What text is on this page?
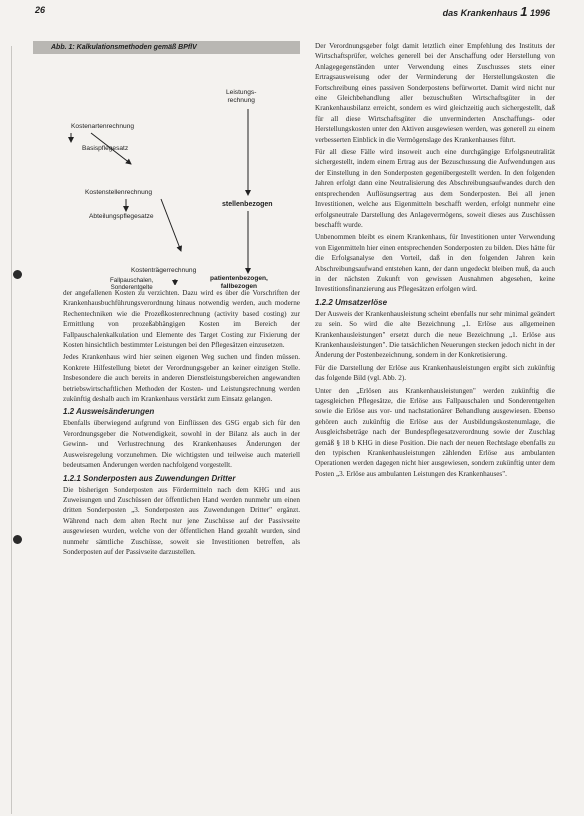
26	das Krankenhaus 1 1996
Abb. 1: Kalkulationsmethoden gemäß BPflV
Leistungs-
rechnung
Kostenartenrechnung
Basispflegesatz
Kostenstellenrechnung
Abteilungspflegesatze
stellenbezogen
Kostenträgerrechnung
Fallpauschalen,
Sonderentgelte
patientenbezogen,
fallbezogen

der angefallenen Kosten zu verzichten. Dazu wird es über die Vorschriften der Krankenhausbuchführungsverordnung hinaus notwendig werden, auch moderne Rechentechniken wie die Prozeßkostenrechnung (activity based costing) zur Ermittlung von prozeßabhängigen Kosten im Bereich der Fallpauschalenkalkulation und Elemente des Target Costing zur Fixierung der Kosten hinsichtlich bestimmter Leistungen bei den Pflegesätzen einzusetzen.

Jedes Krankenhaus wird hier seinen eigenen Weg suchen und finden müssen. Konkrete Hilfestellung bietet der Verordnungsgeber an keiner einzigen Stelle. Insbesondere die auch bereits in anderen Dienstleistungsbereichen angewandten betriebswirtschaftlichen Methoden der Kosten- und Leistungsrechnung werden zukünftig deshalb auch im Krankenhaus verstärkt zum Einsatz gelangen.

1.2 Ausweisänderungen

Ebenfalls überwiegend aufgrund von Einflüssen des GSG ergab sich für den Verordnungsgeber die Notwendigkeit, sowohl in der Bilanz als auch in der Gewinn- und Verlustrechnung des Krankenhauses Änderungen der Ausweisregelung vorzunehmen. Die wichtigsten und teilweise auch materiell bedeutsamen Änderungen werden nachfolgend vorgestellt.

1.2.1 Sonderposten aus Zuwendungen Dritter

Die bisherigen Sonderposten aus Fördermitteln nach dem KHG und aus Zuweisungen und Zuschüssen der öffentlichen Hand werden nunmehr um einen dritten Sonderposten „3. Sonderposten aus Zuwendungen Dritter" ergänzt. Während nach dem alten Recht nur jene Zuschüsse auf der Passivseite ausgewiesen wurden, welche von der öffentlichen Hand gezahlt wurden, sind nunmehr sämtliche Zuschüsse, soweit sie Investitionen betreffen, als Sonderposten auf der Passivseite darzustellen.

Der Verordnungsgeber folgt damit letztlich einer Empfehlung des Instituts der Wirtschaftsprüfer, welches generell bei der Anschaffung oder Herstellung von Anlagegegenständen unter Verwendung eines Zuschusses stets einer Ertragsausweisung oder der Verminderung der Herstellungskosten die Fortschreibung eines passiven Sonderpostens befürwortet. Damit wird nicht nur eine Gleichbehandlung aller bezuschußten Wirtschaftsgüter in der Krankenhausbilanz erreicht, sondern es wird gleichzeitig auch sichergestellt, daß für all diese Wirtschaftsgüter die unverminderten Anschaffungs- oder Herstellungskosten unter den Aktiven ausgewiesen werden, was generell zu einem verbesserten Einblick in die Vermögenslage des Krankenhauses führt.

Für all diese Fälle wird insoweit auch eine durchgängige Erfolgsneutralität sichergestellt, indem einem Ertrag aus der Bezuschussung die Aufwendungen aus der Einstellung in den Sonderposten gegenübergestellt werden. In den folgenden Jahren erfolgt dann eine Neutralisierung des Abschreibungsaufwandes durch den entsprechenden Auflösungsertrag aus dem Sonderposten. Bei all jenen Investitionen, welche aus Eigenmitteln beschafft werden, erfolgt nunmehr eine erfolgsneutrale Darstellung des Anlagevermögens, soweit dieses aus Zuschüssen beschafft wurde.

Unbenommen bleibt es einem Krankenhaus, für Investitionen unter Verwendung von Eigenmitteln hier einen entsprechenden Sonderposten zu bilden. Dies hätte für die Erfolgsanalyse den Vorteil, daß in den folgenden Jahren kein Abschreibungsaufwand entstehen kann, der dann ungedeckt bleiben muß, da auch in der nächsten Zukunft von gewissen Ausnahmen abgesehen, keine Investitionsfinanzierung aus Pflegesätzen erfolgen wird.

1.2.2 Umsatzerlöse

Der Ausweis der Krankenhausleistung scheint ebenfalls nur sehr minimal geändert zu sein. So wird die alte Bezeichnung „1. Erlöse aus allgemeinen Krankenhausleistungen" ersetzt durch die neue Bezeichnung „1. Erlöse aus Krankenhausleistungen". Die tatsächlichen Neuerungen stecken jedoch nicht in der Änderung der Postenbezeichnung, sondern in der Konkretisierung.

Für die Darstellung der Erlöse aus Krankenhausleistungen ergibt sich zukünftig das folgende Bild (vgl. Abb. 2).

Unter den „Erlösen aus Krankenhausleistungen" werden zukünftig die tagesgleichen Pflegesätze, die Erlöse aus Fallpauschalen und Sonderentgelten sowie die Erlöse aus vor- und nachstationärer Behandlung ausgewiesen. Ebenso gehören auch zukünftig die Erlöse aus der Ausbildungskostenumlage, die Ausgleichsbeträge nach der Bundespflegesatzverordnung sowie der Zuschlag gemäß § 18 b KHG in diese Position. Die nach der neuen Rechtslage ebenfalls zu den typischen Krankenhausleistungen zählenden Erlöse aus ambulanten Operationen werden dagegen nicht hier ausgewiesen, sondern zukünftig unter dem Posten „3. Erlöse aus ambulanten Leistungen des Krankenhauses".
